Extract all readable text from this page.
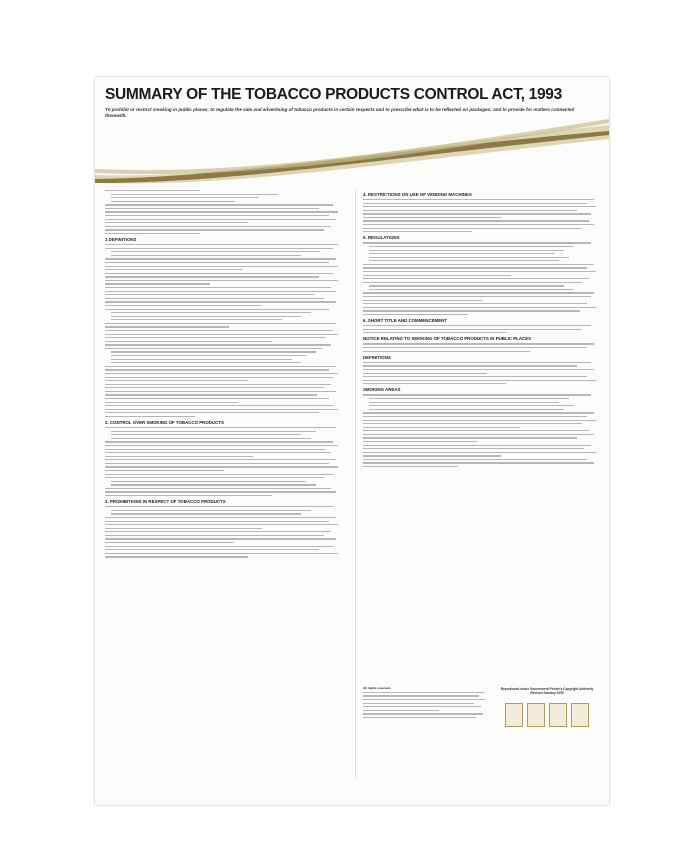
SUMMARY OF THE TOBACCO PRODUCTS CONTROL ACT, 1993
To prohibit or restrict smoking in public places; to regulate the sale and advertising of tobacco products in certain respects and to prescribe what is to be reflected on packages; and to provide for matters connected therewith.
1 DEFINITIONS
2. CONTROL OVER SMOKING OF TOBACCO PRODUCTS
3. PROHIBITIONS IN RESPECT OF TOBACCO PRODUCTS
4. RESTRICTIONS ON USE OF VENDING MACHINES
5. REGULATIONS
6. SHORT TITLE AND COMMENCEMENT
NOTICE RELATING TO SMOKING OF TOBACCO PRODUCTS IN PUBLIC PLACES
DEFINITIONS
SMOKING AREAS
All rights reserved.	Reproduced under Government Printer's Copyright Authority
Revised January 2009
